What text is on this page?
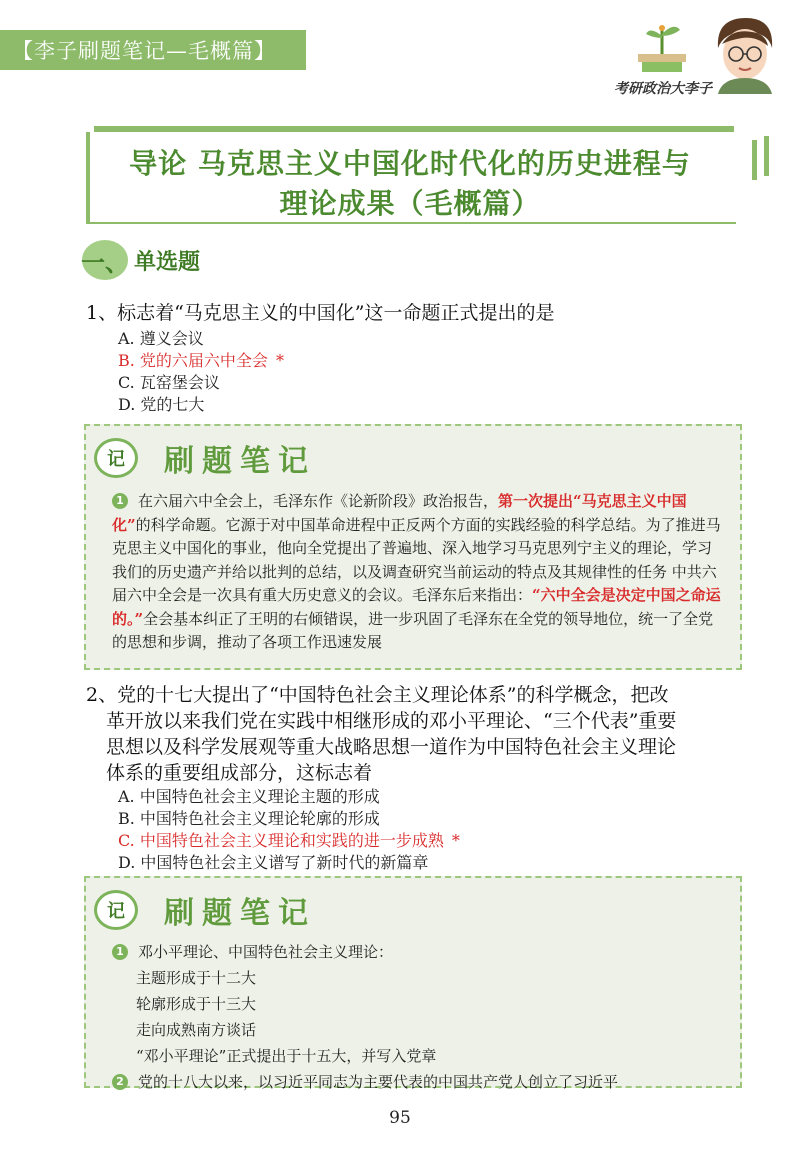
【李子刷题笔记—毛概篇】
考研政治大李子
导论 马克思主义中国化时代化的历史进程与
理论成果（毛概篇）
一、 单选题
1、标志着“马克思主义的中国化”这一命题正式提出的是
A. 遵义会议
B. 党的六届六中全会 *
C. 瓦窑堡会议
D. 党的七大
记	刷题笔记
1 在六届六中全会上，毛泽东作《论新阶段》政治报告，第一次提出“马克思主义中国化”的科学命题。它源于对中国革命进程中正反两个方面的实践经验的科学总结。为了推进马克思主义中国化的事业，他向全党提出了普遍地、深入地学习马克思列宁主义的理论，学习我们的历史遗产并给以批判的总结，以及调查研究当前运动的特点及其规律性的任务 中共六届六中全会是一次具有重大历史意义的会议。毛泽东后来指出：“六中全会是决定中国之命运的。”全会基本纠正了王明的右倾错误，进一步巩固了毛泽东在全党的领导地位，统一了全党的思想和步调，推动了各项工作迅速发展
2、党的十七大提出了“中国特色社会主义理论体系”的科学概念，把改
革开放以来我们党在实践中相继形成的邓小平理论、“三个代表”重要
思想以及科学发展观等重大战略思想一道作为中国特色社会主义理论
体系的重要组成部分，这标志着
A. 中国特色社会主义理论主题的形成
B. 中国特色社会主义理论轮廓的形成
C. 中国特色社会主义理论和实践的进一步成熟 *
D. 中国特色社会主义谱写了新时代的新篇章
记	刷题笔记
1 邓小平理论、中国特色社会主义理论：
主题形成于十二大
轮廓形成于十三大
走向成熟南方谈话
“邓小平理论”正式提出于十五大，并写入党章
2 党的十八大以来，以习近平同志为主要代表的中国共产党人创立了习近平
95
